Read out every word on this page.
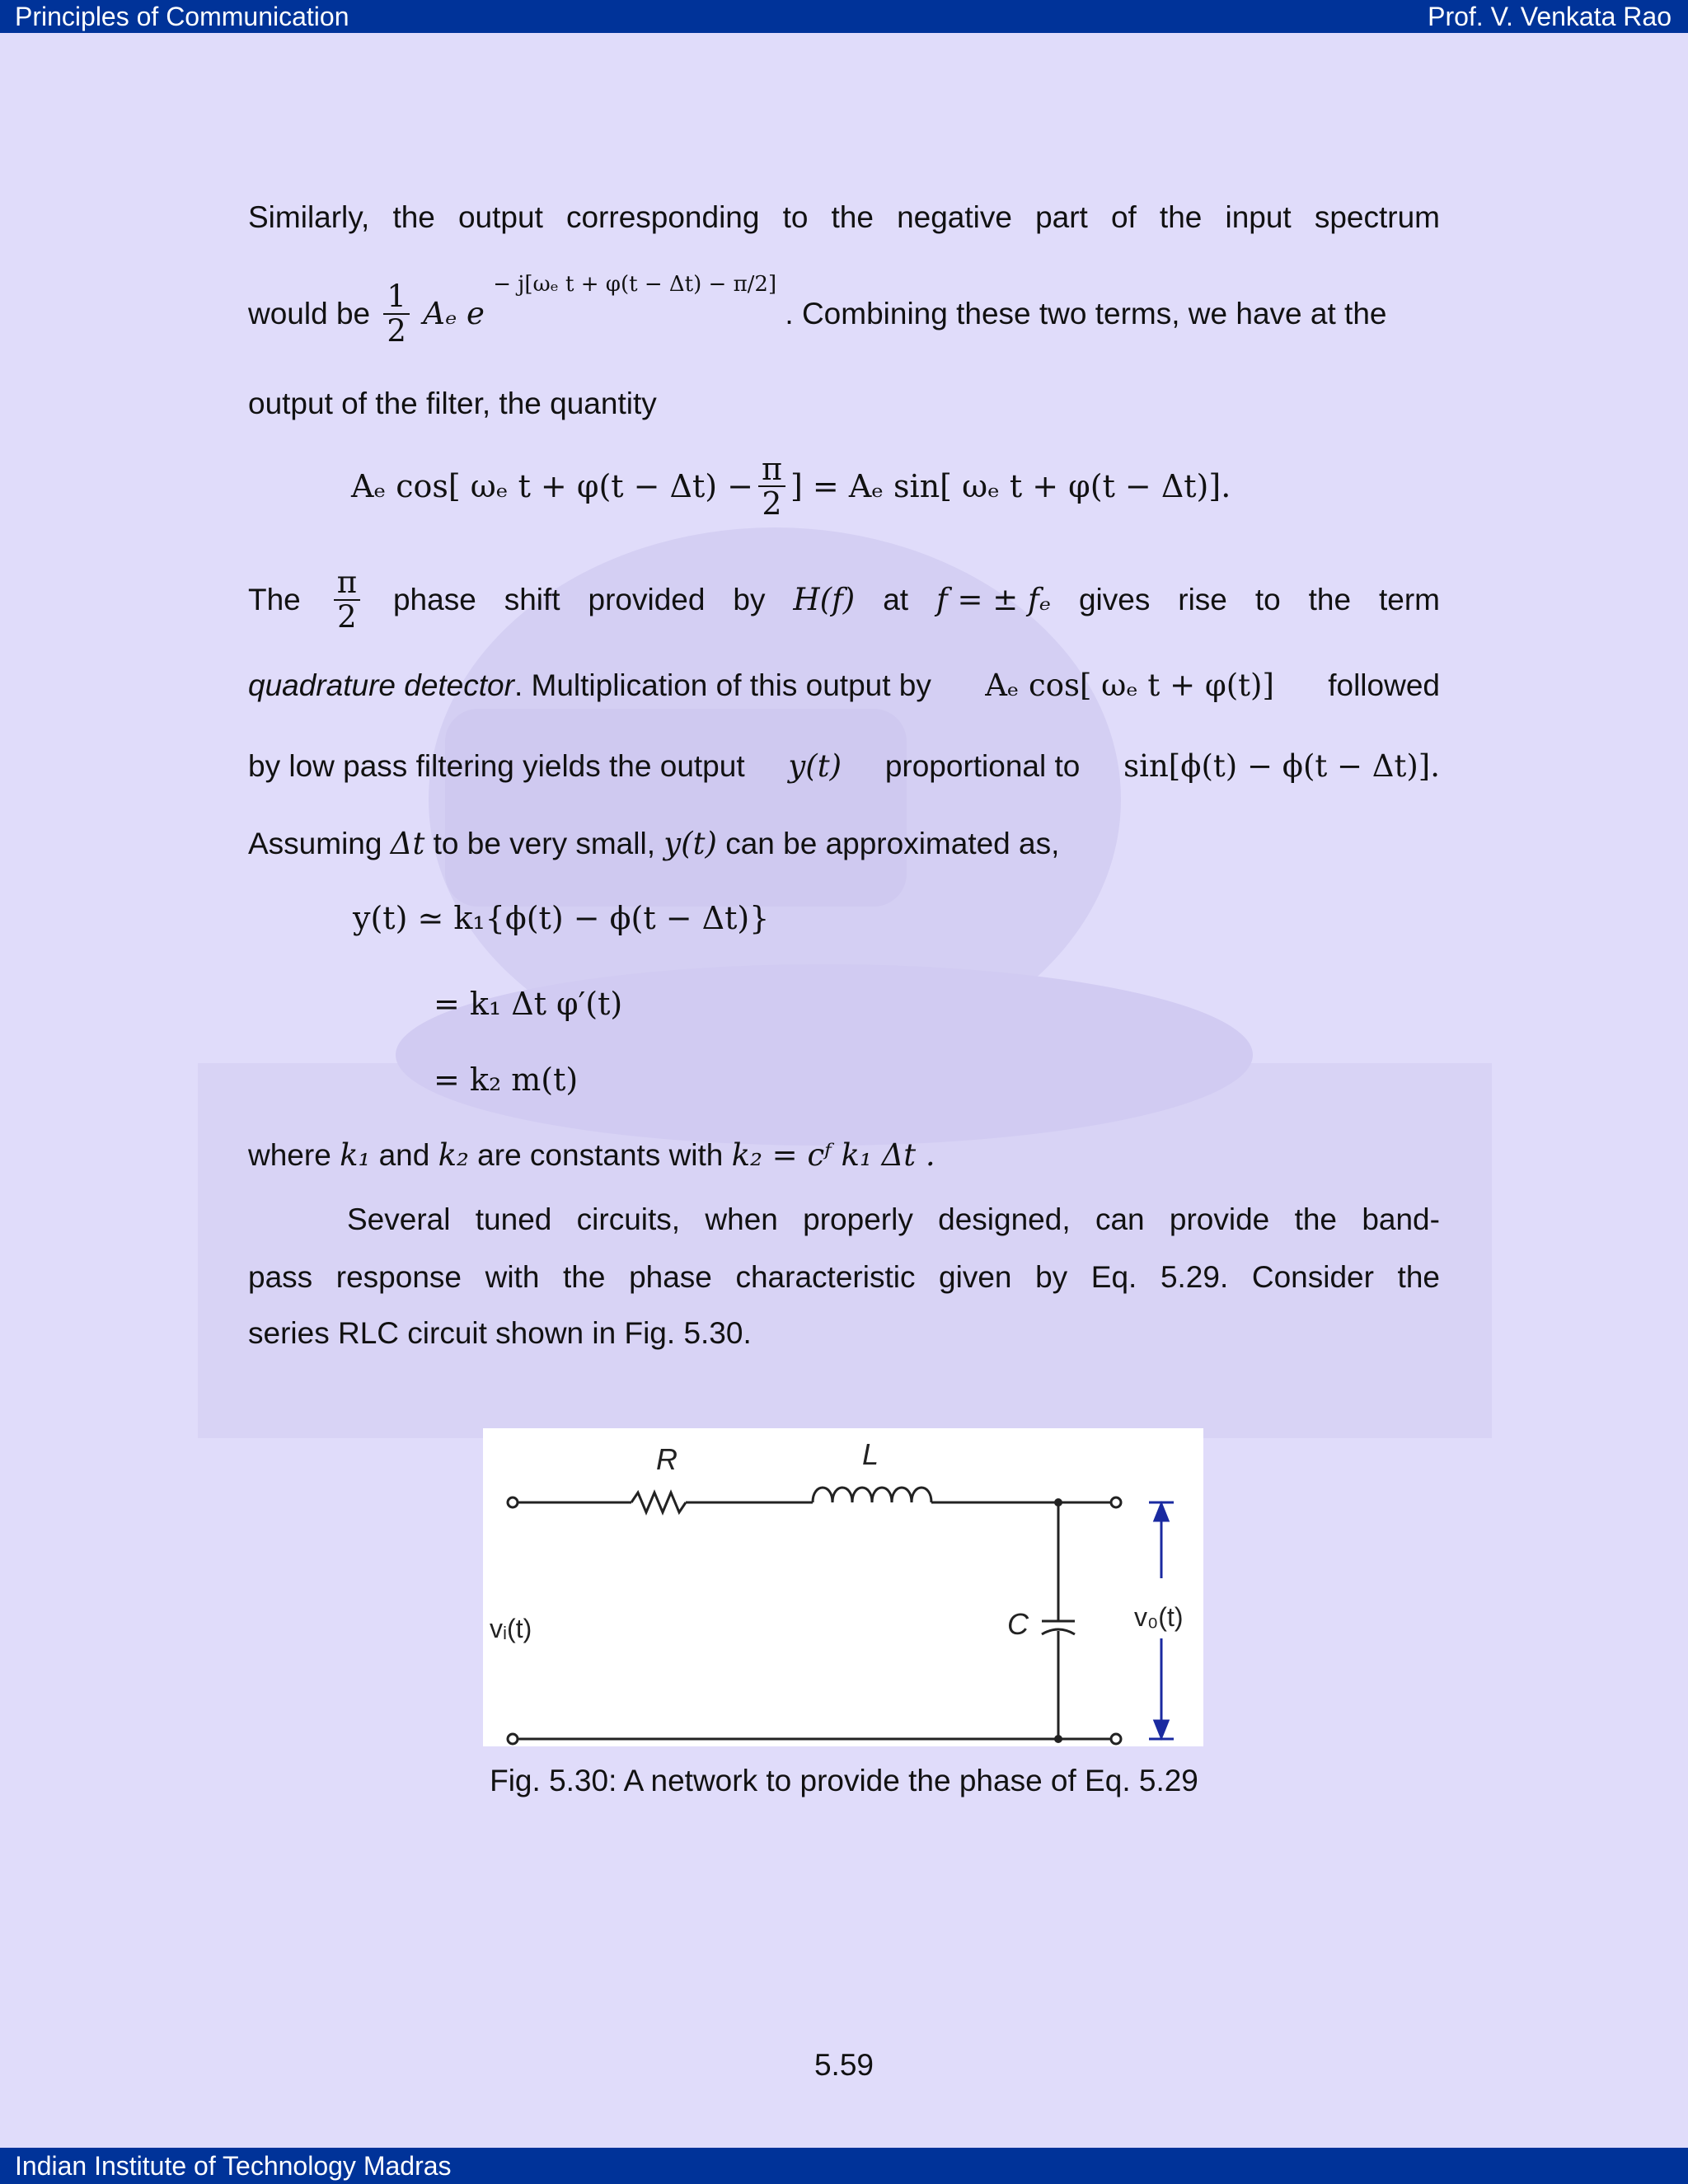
Principles of Communication	Prof. V. Venkata Rao
Similarly, the output corresponding to the negative part of the input spectrum
would be $\frac{1}{2}$ Aₑ e $^{- j[\omega_e t + \varphi(t - \Delta t) - \pi/2]}$ . Combining these two terms, we have at the
output of the filter, the quantity
Aₑ cos[ ωₑ $t + \varphi(t - \Delta t) - \frac{\pi}{2}$ ] = Aₑ sin[ ωₑ t + φ(t − Δt)].
The $\frac{\pi}{2}$ phase shift provided by H(f) at f = ± fₑ gives rise to the term
quadrature detector. Multiplication of this output by Aₑ cos[ ωₑ t + φ(t)] followed
by low pass filtering yields the output y(t) proportional to sin[ϕ(t) − ϕ(t − Δt)].
Assuming Δt to be very small, y(t) can be approximated as,
y(t) ≃ k₁{ϕ(t) − ϕ(t − Δt)}
= k₁ Δt φ′(t)
= k₂ m(t)
where k₁ and k₂ are constants with k₂ = cᶠ k₁ Δt .
Several tuned circuits, when properly designed, can provide the band-
pass response with the phase characteristic given by Eq. 5.29. Consider the
series RLC circuit shown in Fig. 5.30.
R	L
C
vᵢ(t)	v₀(t)
Fig. 5.30: A network to provide the phase of Eq. 5.29
5.59
Indian Institute of Technology Madras
